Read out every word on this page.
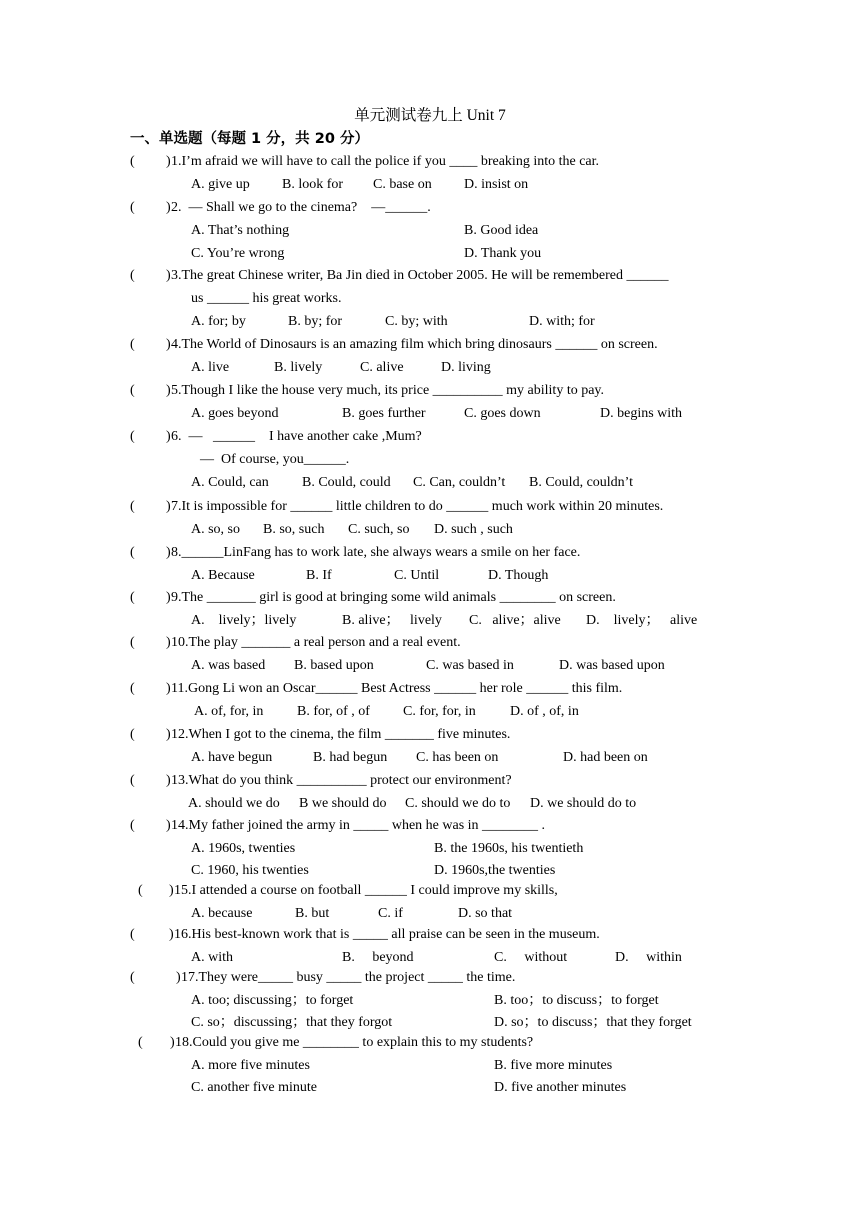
单元测试卷九上 Unit 7
一、单选题（每题 1 分，共 20 分）
( ) 1.I’m afraid we will have to call the police if you ____ breaking into the car.
A. give up B. look for C. base on D. insist on
( ) 2.  — Shall we go to the cinema?    —______.
A. That’s nothing	B. Good idea
C. You’re wrong	D. Thank you
( ) 3.The great Chinese writer, Ba Jin died in October 2005. He will be remembered ______
us ______ his great works.
A. for; by	B. by; for	C. by; with	D. with; for
( ) 4.The World of Dinosaurs is an amazing film which bring dinosaurs ______ on screen.
A. live	B. lively	C. alive	D. living
( ) 5.Though I like the house very much, its price __________ my ability to pay.
A. goes beyond	B. goes further	C. goes down	D. begins with
( ) 6.  —   ______    I have another cake ,Mum?
—  Of course, you______.
A. Could, can B. Could, could C. Can, couldn’t B. Could, couldn’t
( ) 7.It is impossible for ______ little children to do ______ much work within 20 minutes.
A. so, so B. so, such C. such, so D. such , such
( ) 8.______LinFang has to work late, she always wears a smile on her face.
A. Because	B. If	C. Until	D. Though
( ) 9.The _______ girl is good at bringing some wild animals ________ on screen.
A.    lively；lively	B. alive；   lively C.   alive；alive D.    lively；   alive
( ) 10.The play _______ a real person and a real event.
A. was based B. based upon	C. was based in	D. was based upon
( ) 11.Gong Li won an Oscar______ Best Actress ______ her role ______ this film.
A. of, for, in B. for, of , of C. for, for, in D. of , of, in
( ) 12.When I got to the cinema, the film _______ five minutes.
A. have begun	B. had begun C. has been on	D. had been on
( ) 13.What do you think __________ protect our environment?
A. should we do B we should do C. should we do to D. we should do to
( ) 14.My father joined the army in _____ when he was in ________ .
A. 1960s, twenties	B. the 1960s, his twentieth
C. 1960, his twenties	D. 1960s,the twenties
( ) 15.I attended a course on football ______ I could improve my skills,
A. because	B. but	C. if	D. so that
( ) 16.His best-known work that is _____ all praise can be seen in the museum.
A. with	B.     beyond	C.     without	D.     within
(	) 17.They were_____ busy _____ the project _____ the time.
A. too; discussing；to forget	B. too；to discuss；to forget
C. so；discussing；that they forgot	D. so；to discuss；that they forget
( ) 18.Could you give me ________ to explain this to my students?
A. more five minutes	B. five more minutes
C. another five minute	D. five another minutes
